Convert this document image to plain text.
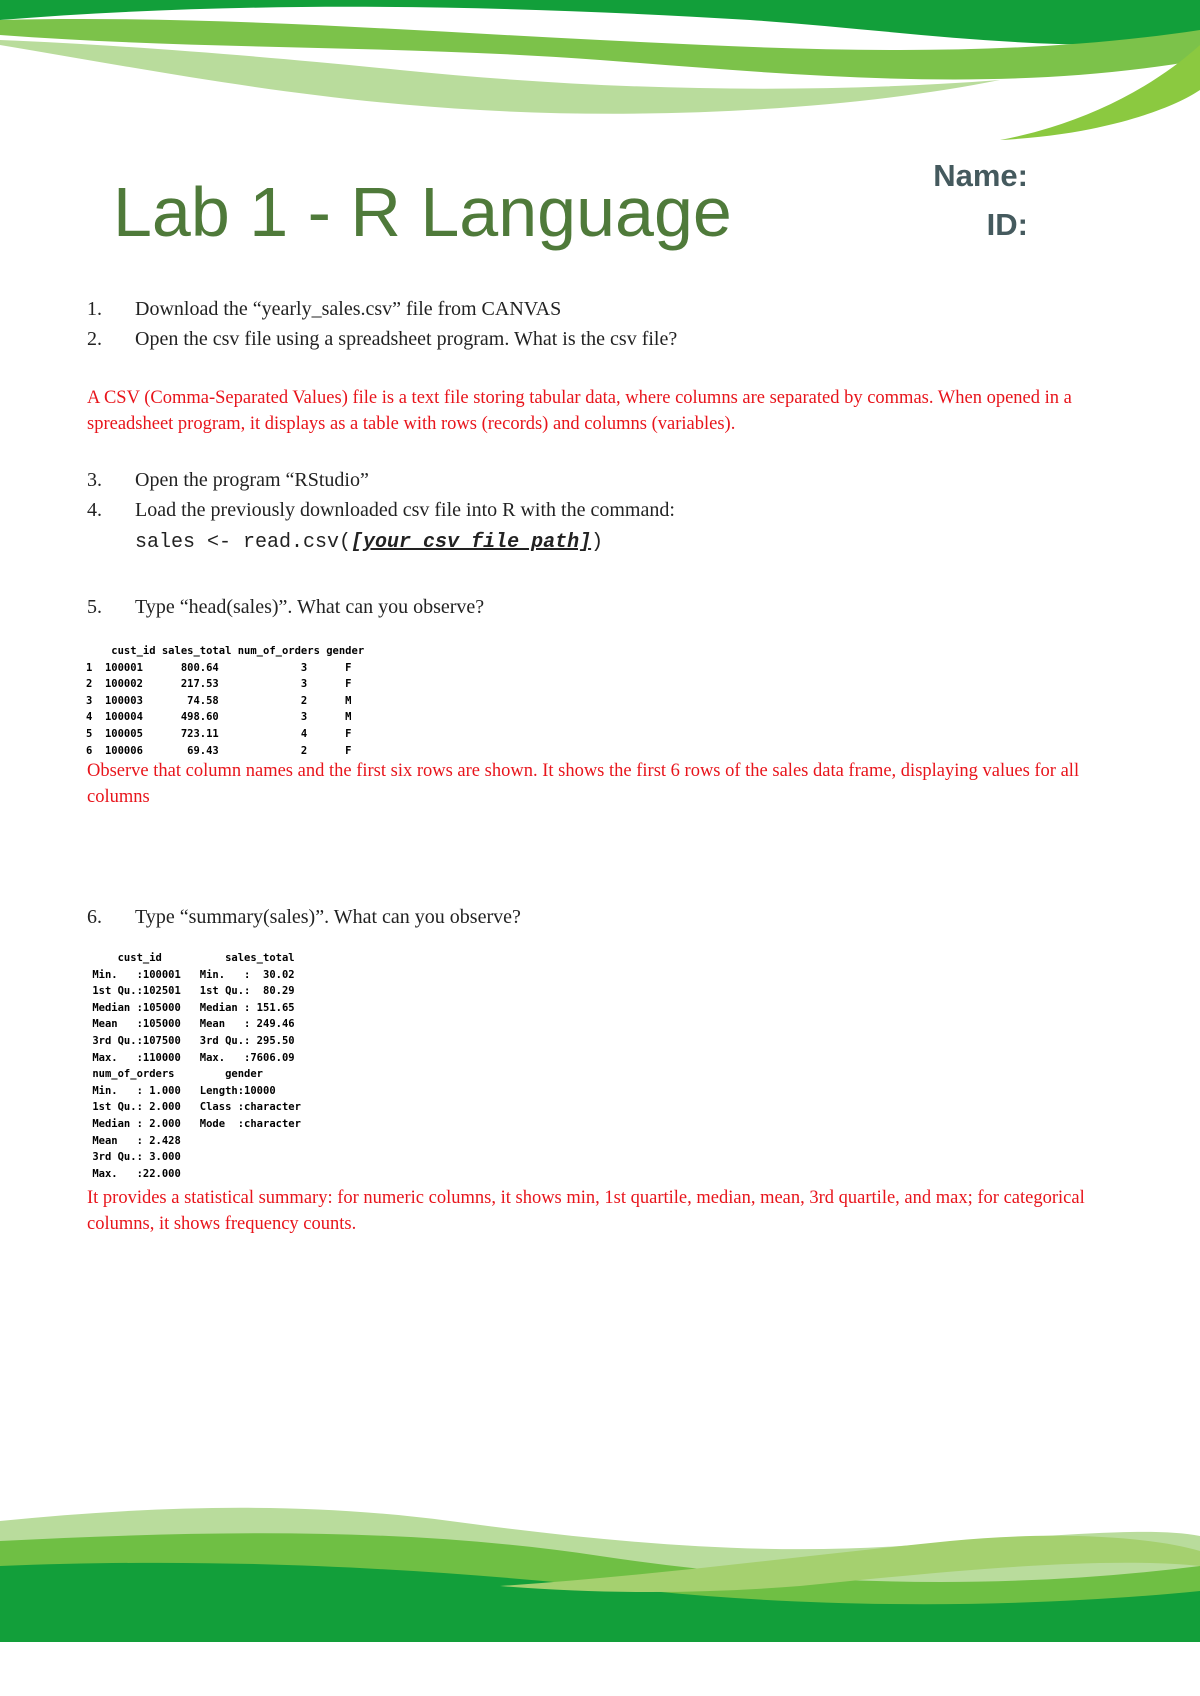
Lab 1 - R Language	Name:
ID:
1. Download the “yearly_sales.csv” file from CANVAS
2. Open the csv file using a spreadsheet program. What is the csv file?
A CSV (Comma-Separated Values) file is a text file storing tabular data, where columns are separated by commas. When opened in a spreadsheet program, it displays as a table with rows (records) and columns (variables).
3. Open the program “RStudio”
4. Load the previously downloaded csv file into R with the command:
sales <- read.csv([your csv file path])
5. Type “head(sales)”. What can you observe?
cust_id sales_total num_of_orders gender
1  100001      800.64             3      F
2  100002      217.53             3      F
3  100003       74.58             2      M
4  100004      498.60             3      M
5  100005      723.11             4      F
6  100006       69.43             2      F
Observe that column names and the first six rows are shown. It shows the first 6 rows of the sales data frame, displaying values for all columns
6. Type “summary(sales)”. What can you observe?
cust_id          sales_total
Min.   :100001   Min.   :  30.02
1st Qu.:102501   1st Qu.:  80.29
Median :105000   Median : 151.65
Mean   :105000   Mean   : 249.46
3rd Qu.:107500   3rd Qu.: 295.50
Max.   :110000   Max.   :7606.09
num_of_orders        gender
Min.   : 1.000   Length:10000
1st Qu.: 2.000   Class :character
Median : 2.000   Mode  :character
Mean   : 2.428
3rd Qu.: 3.000
Max.   :22.000
It provides a statistical summary: for numeric columns, it shows min, 1st quartile, median, mean, 3rd quartile, and max; for categorical columns, it shows frequency counts.
